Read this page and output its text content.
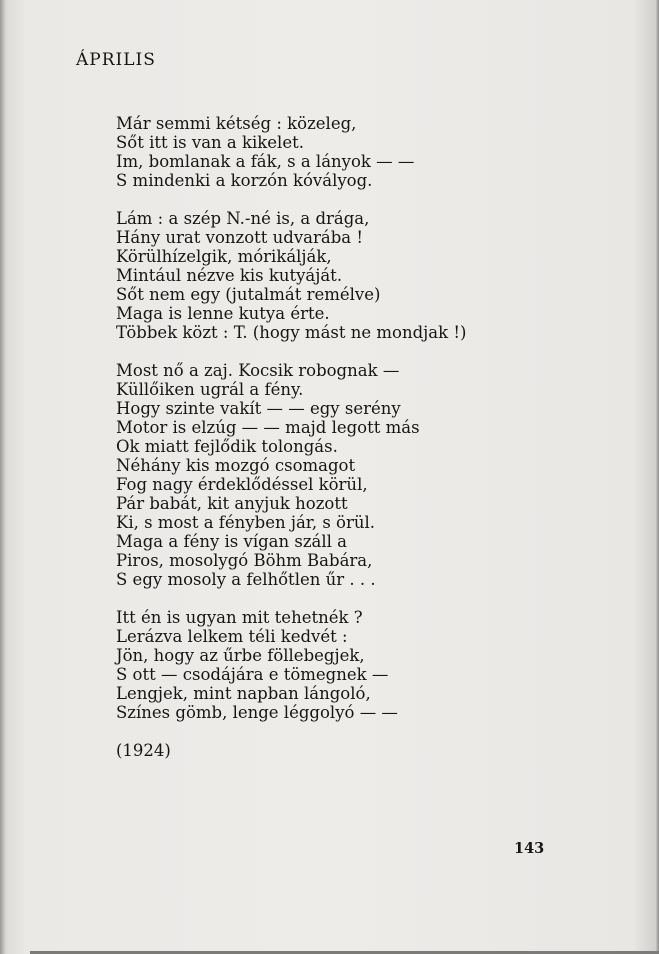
ÁPRILIS
Már semmi kétség : közeleg,
Sőt itt is van a kikelet.
Im, bomlanak a fák, s a lányok — —
S mindenki a korzón kóvályog.
Lám : a szép N.-né is, a drága,
Hány urat vonzott udvarába !
Körülhízelgik, mórikálják,
Mintául nézve kis kutyáját.
Sőt nem egy (jutalmát remélve)
Maga is lenne kutya érte.
Többek közt : T. (hogy mást ne mondjak !)
Most nő a zaj. Kocsik robognak —
Küllőiken ugrál a fény.
Hogy szinte vakít — — egy serény
Motor is elzúg — — majd legott más
Ok miatt fejlődik tolongás.
Néhány kis mozgó csomagot
Fog nagy érdeklődéssel körül,
Pár babát, kit anyjuk hozott
Ki, s most a fényben jár, s örül.
Maga a fény is vígan száll a
Piros, mosolygó Böhm Babára,
S egy mosoly a felhőtlen űr . . .
Itt én is ugyan mit tehetnék ?
Lerázva lelkem téli kedvét :
Jön, hogy az űrbe föllebegjek,
S ott — csodájára e tömegnek —
Lengjek, mint napban lángoló,
Színes gömb, lenge léggolyó — —
(1924)
143
